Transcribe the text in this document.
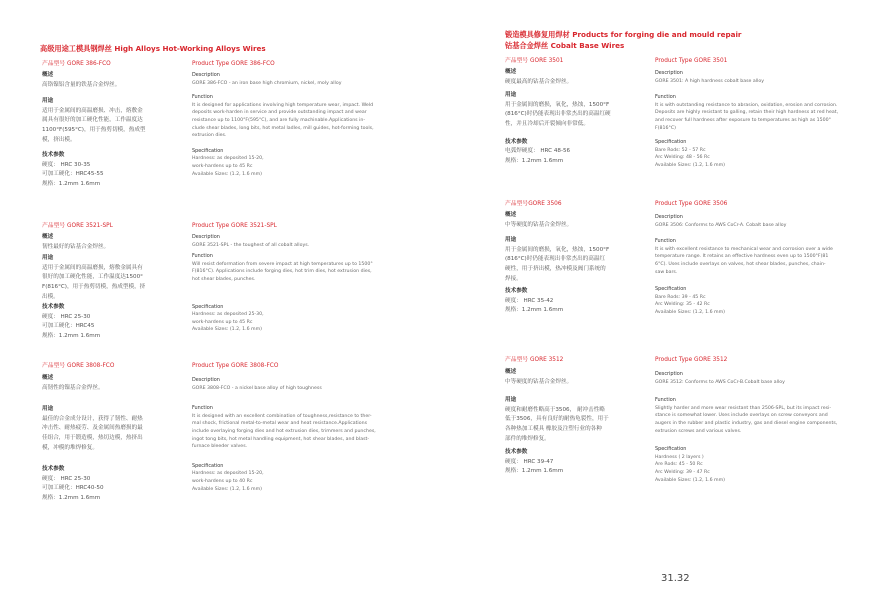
高级用途工模具钢焊丝 High Alloys Hot-Working Alloys Wires
产品型号 GORE 386-FCO
概述
高铬镍铝含量的铁基合金焊丝。
用途
适用于金属间的高温磨损、冲击，熔敷金
属具有很好的加工硬化性能，工作温度达
1100°F(595°C)，用于热剪切模，热成型
模，挤出模。
技术参数
硬度： HRC 30-35
可加工硬化：HRC45-55
规格：1.2mm 1.6mm
Product Type GORE 386-FCO
Description
GORE 386-FCO - an iron base high chromium, nickel, moly alloy
Function
It is designed for applications involving high temperature wear, impact. Weld
deposits work-harden in service and provide outstanding impact and wear
resistance up to 1100°F(595°C), and are fully machinable.Applications in-
clude shear blades, long bits, hot metal ladles, mill guides, hot-forming tools,
extrusion dies.
Specification
Hardness: as deposited 15-20,
work-hardens up to 45 Rc
Available Sizes: (1.2, 1.6 mm)
产品型号 GORE 3521-SPL
概述
韧性最好的钴基合金焊丝。
用途
适用于金属间的高温磨损，熔敷金属具有
很好的加工硬化性能，工作温度达1500°
F(816°C)，用于热剪切模，热成型模，挤
出模。
技术参数
硬度： HRC 25-30
可加工硬化：HRC45
规格：1.2mm 1.6mm
Product Type GORE 3521-SPL
Description
GORE 3521-SPL - the toughest of all cobalt alloys.
Function
Will resist deformation from severe impact at high temperatures up to 1500°
F(816°C). Applications include forging dies, hot trim dies, hot extrusion dies,
hot shear blades, punches.
Specification
Hardness: as deposited 25-30,
work-hardens up to 45 Rc
Available Sizes: (1.2, 1.6 mm)
产品型号 GORE 3808-FCO
概述
高韧性的镍基合金焊丝。
用途
最佳的合金成分设计，获得了韧性、耐热
冲击性、耐热疲劳、及金属间热磨损的最
佳组合，用于锻造模，热切边模，热挤出
模，冲模的堆焊修复。
技术参数
硬度： HRC 25-30
可加工硬化：HRC40-50
规格：1.2mm 1.6mm
Product Type GORE 3808-FCO
Description
GORE 3808-FCO - a nickel base alloy of high toughness
Function
It is designed with an excellent combination of toughness,resistance to ther-
mal shock, frictional metal-to-metal wear and heat resistance.Applications
include overlaying forging dies and hot extrusion dies, trimmers and punches,
ingot tong bits, hot metal handling equipment, hot shear blades, and blast-
furnace bleeder valves.
Specification
Hardness: as deposited 15-20,
work-hardens up to 40 Rc
Available Sizes: (1.2, 1.6 mm)
锻造模具修复用焊材 Products for forging die and mould repair
钴基合金焊丝 Cobalt Base Wires
产品型号 GORE 3501
概述
硬度最高的钴基合金焊丝。
用途
用于金属间的磨损，氧化，热蚀，1500°F
(816°C)时仍能表现出非常杰出的高温红硬
性，并且冷却后开裂倾向非常低。
技术参数
电弧焊硬度： HRC 48-56
规格：1.2mm 1.6mm
Product Type GORE 3501
Description
GORE 3501: A high hardness cobalt base alloy
Function
It is with outstanding resistance to abrasion, oxidation, erosion and corrosion.
Deposits are highly resistant to galling, retain their high hardness at red heat,
and recover full hardness after exposure to temperatures as high as 1500°
F(816°C)
Specification
Bare Rods: 52 - 57 Rc
Arc Welding: 48 - 56 Rc
Available Sizes: (1.2, 1.6 mm)
产品型号GORE 3506
概述
中等硬度的钴基合金焊丝。
用途
用于金属间的磨损，氧化，热蚀，1500°F
(816°C)时仍能表现出非常杰出的高温红
硬性，用于挤出模，热冲模及阀门系统的
焊接。
技术参数
硬度： HRC 35-42
规格：1.2mm 1.6mm
Product Type GORE 3506
Description
GORE 3506: Conforms to AWS CoCr-A. Cobalt base alloy
Function
It is with excellent resistance to mechanical wear and corrosion over a wide
temperature range. It retains an effective hardness even up to 1500°F(81
6°C). Uses include overlays on valves, hot shear blades, punches, chain-
saw bars.
Specification
Bare Rods: 39 - 45 Rc
Arc Welding: 35 - 42 Rc
Available Sizes: (1.2, 1.6 mm)
产品型号 GORE 3512
概述
中等硬度的钴基合金焊丝。
用途
硬度和耐磨性略高于3506， 耐冲击性略
低于3506，具有良好的耐热龟裂性，用于
各种热加工模具 橡胶及注塑行业的各种
部件的堆焊修复。
技术参数
硬度： HRC 39-47
规格：1.2mm 1.6mm
Product Type GORE 3512
Description
GORE 3512: Conforms to AWS CoCr-B.Cobalt base alloy
Function
Slightly harder and more wear resistant than 2506-SPL, but its impact resi-
stance is somewhat lower. Uses include overlays on screw conveyors and
augers in the rubber and plastic industry, gas and diesel engine components,
extrusion screws and various valves.
Specification
Hardness ( 2 layers )
Are Rods: 45 - 50 Rc
Arc Welding: 39 - 47 Rc
Available Sizes: (1.2, 1.6 mm)
31.32
